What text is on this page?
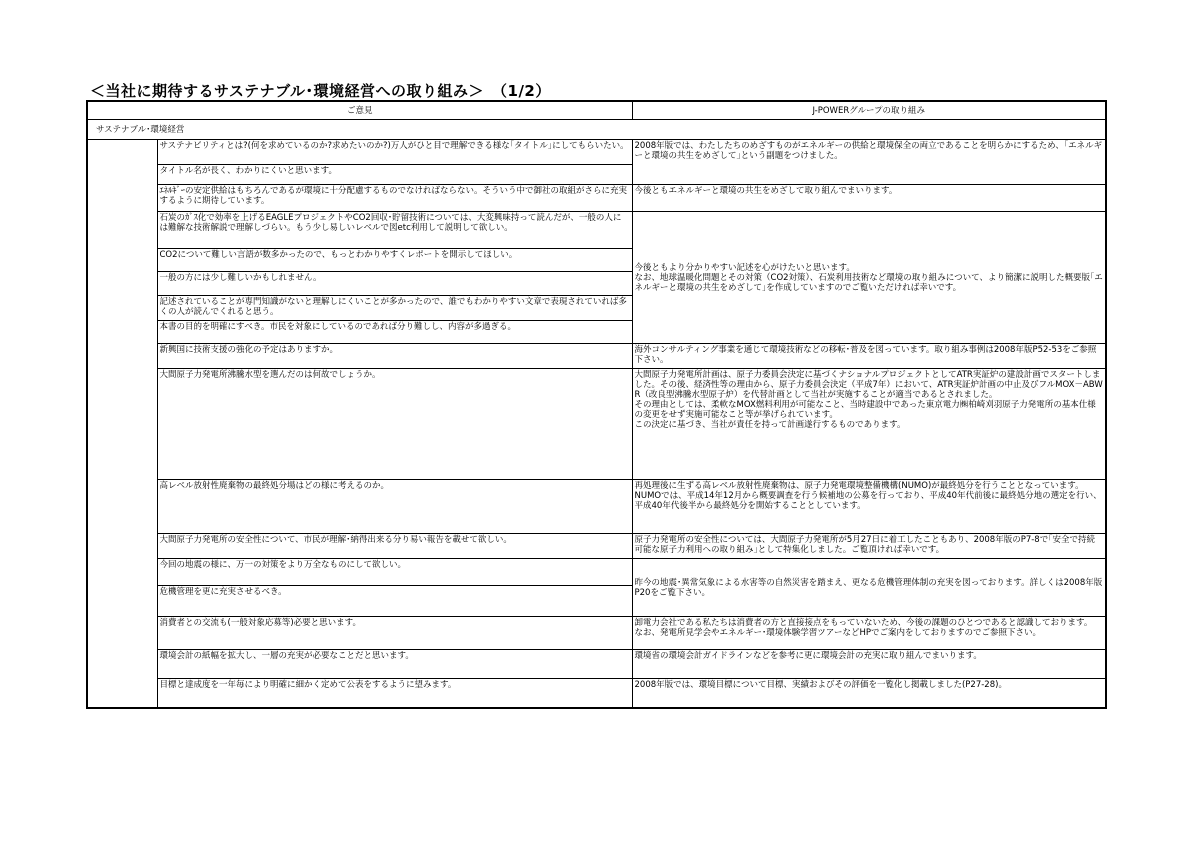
＜当社に期待するサステナブル･環境経営への取り組み＞　（1/2）
ご意見		J-POWERグループの取り組み
サステナブル･環境経営		
	サステナビリティとは?(何を求めているのか?求めたいのか?)万人がひと目で理解できる様な｢タイトル｣にしてもらいたい。	2008年版では、わたしたちのめざすものがエネルギーの供給と環境保全の両立であることを明らかにするため、｢エネルギーと環境の共生をめざして｣という副題をつけました。
	タイトル名が長く、わかりにくいと思います。	
	ｴﾈﾙｷﾞｰの安定供給はもちろんであるが環境に十分配慮するものでなければならない。そういう中で御社の取組がさらに充実するように期待しています。	今後ともエネルギーと環境の共生をめざして取り組んでまいります。
	石炭のｶﾞｽ化で効率を上げるEAGLEプロジェクトやCO2回収･貯留技術については、大変興味持って読んだが、一般の人には難解な技術解説で理解しづらい。もう少し易しいレベルで図etc利用して説明して欲しい。	今後ともより分かりやすい記述を心がけたいと思います。
なお、地球温暖化問題とその対策（CO2対策）、石炭利用技術など環境の取り組みについて、より簡潔に説明した概要版｢エネルギーと環境の共生をめざして｣を作成していますのでご覧いただければ幸いです。
	CO2について難しい言語が数多かったので、もっとわかりやすくレポートを開示してほしい。	
	一般の方には少し難しいかもしれません。	
	記述されていることが専門知識がないと理解しにくいことが多かったので、誰でもわかりやすい文章で表現されていれば多くの人が読んでくれると思う。	
	本書の目的を明確にすべき。市民を対象にしているのであれば分り難しし、内容が多過ぎる。	
	新興国に技術支援の強化の予定はありますか。	海外コンサルティング事業を通じて環境技術などの移転･普及を図っています。取り組み事例は2008年版P52-53をご参照下さい。
	大間原子力発電所沸騰水型を選んだのは何故でしょうか。	大間原子力発電所計画は、原子力委員会決定に基づくナショナルプロジェクトとしてATR実証炉の建設計画でスタートしました。その後、経済性等の理由から、原子力委員会決定（平成7年）において、ATR実証炉計画の中止及びフルMOX－ABWR（改良型沸騰水型原子炉）を代替計画として当社が実施することが適当であるとされました。
その理由としては、柔軟なMOX燃料利用が可能なこと、当時建設中であった東京電力㈱柏崎刈羽原子力発電所の基本仕様の変更をせず実施可能なこと等が挙げられています。
この決定に基づき、当社が責任を持って計画遂行するものであります。
	高レベル放射性廃棄物の最終処分場はどの様に考えるのか。	再処理後に生ずる高レベル放射性廃棄物は、原子力発電環境整備機構(NUMO)が最終処分を行うこととなっています。
NUMOでは、平成14年12月から概要調査を行う候補地の公募を行っており、平成40年代前後に最終処分地の選定を行い、平成40年代後半から最終処分を開始することとしています。
	大間原子力発電所の安全性について、市民が理解･納得出来る分り易い報告を載せて欲しい。	原子力発電所の安全性については、大間原子力発電所が5月27日に着工したこともあり、2008年版のP7-8で｢安全で持続可能な原子力利用への取り組み｣として特集化しました。ご覧頂ければ幸いです。
	今回の地震の様に、万一の対策をより万全なものにして欲しい。	昨今の地震･異常気象による水害等の自然災害を踏まえ、更なる危機管理体制の充実を図っております。詳しくは2008年版P20をご覧下さい。
	危機管理を更に充実させるべき。	
	消費者との交流も(一般対象応募等)必要と思います。	卸電力会社である私たちは消費者の方と直接接点をもっていないため、今後の課題のひとつであると認識しております。
なお、発電所見学会やエネルギー･環境体験学習ツアーなどHPでご案内をしておりますのでご参照下さい。
	環境会計の紙幅を拡大し、一層の充実が必要なことだと思います。	環境省の環境会計ガイドラインなどを参考に更に環境会計の充実に取り組んでまいります。
	目標と達成度を一年毎により明確に細かく定めて公表をするように望みます。	2008年版では、環境目標について目標、実績およびその評価を一覧化し掲載しました(P27-28)。
